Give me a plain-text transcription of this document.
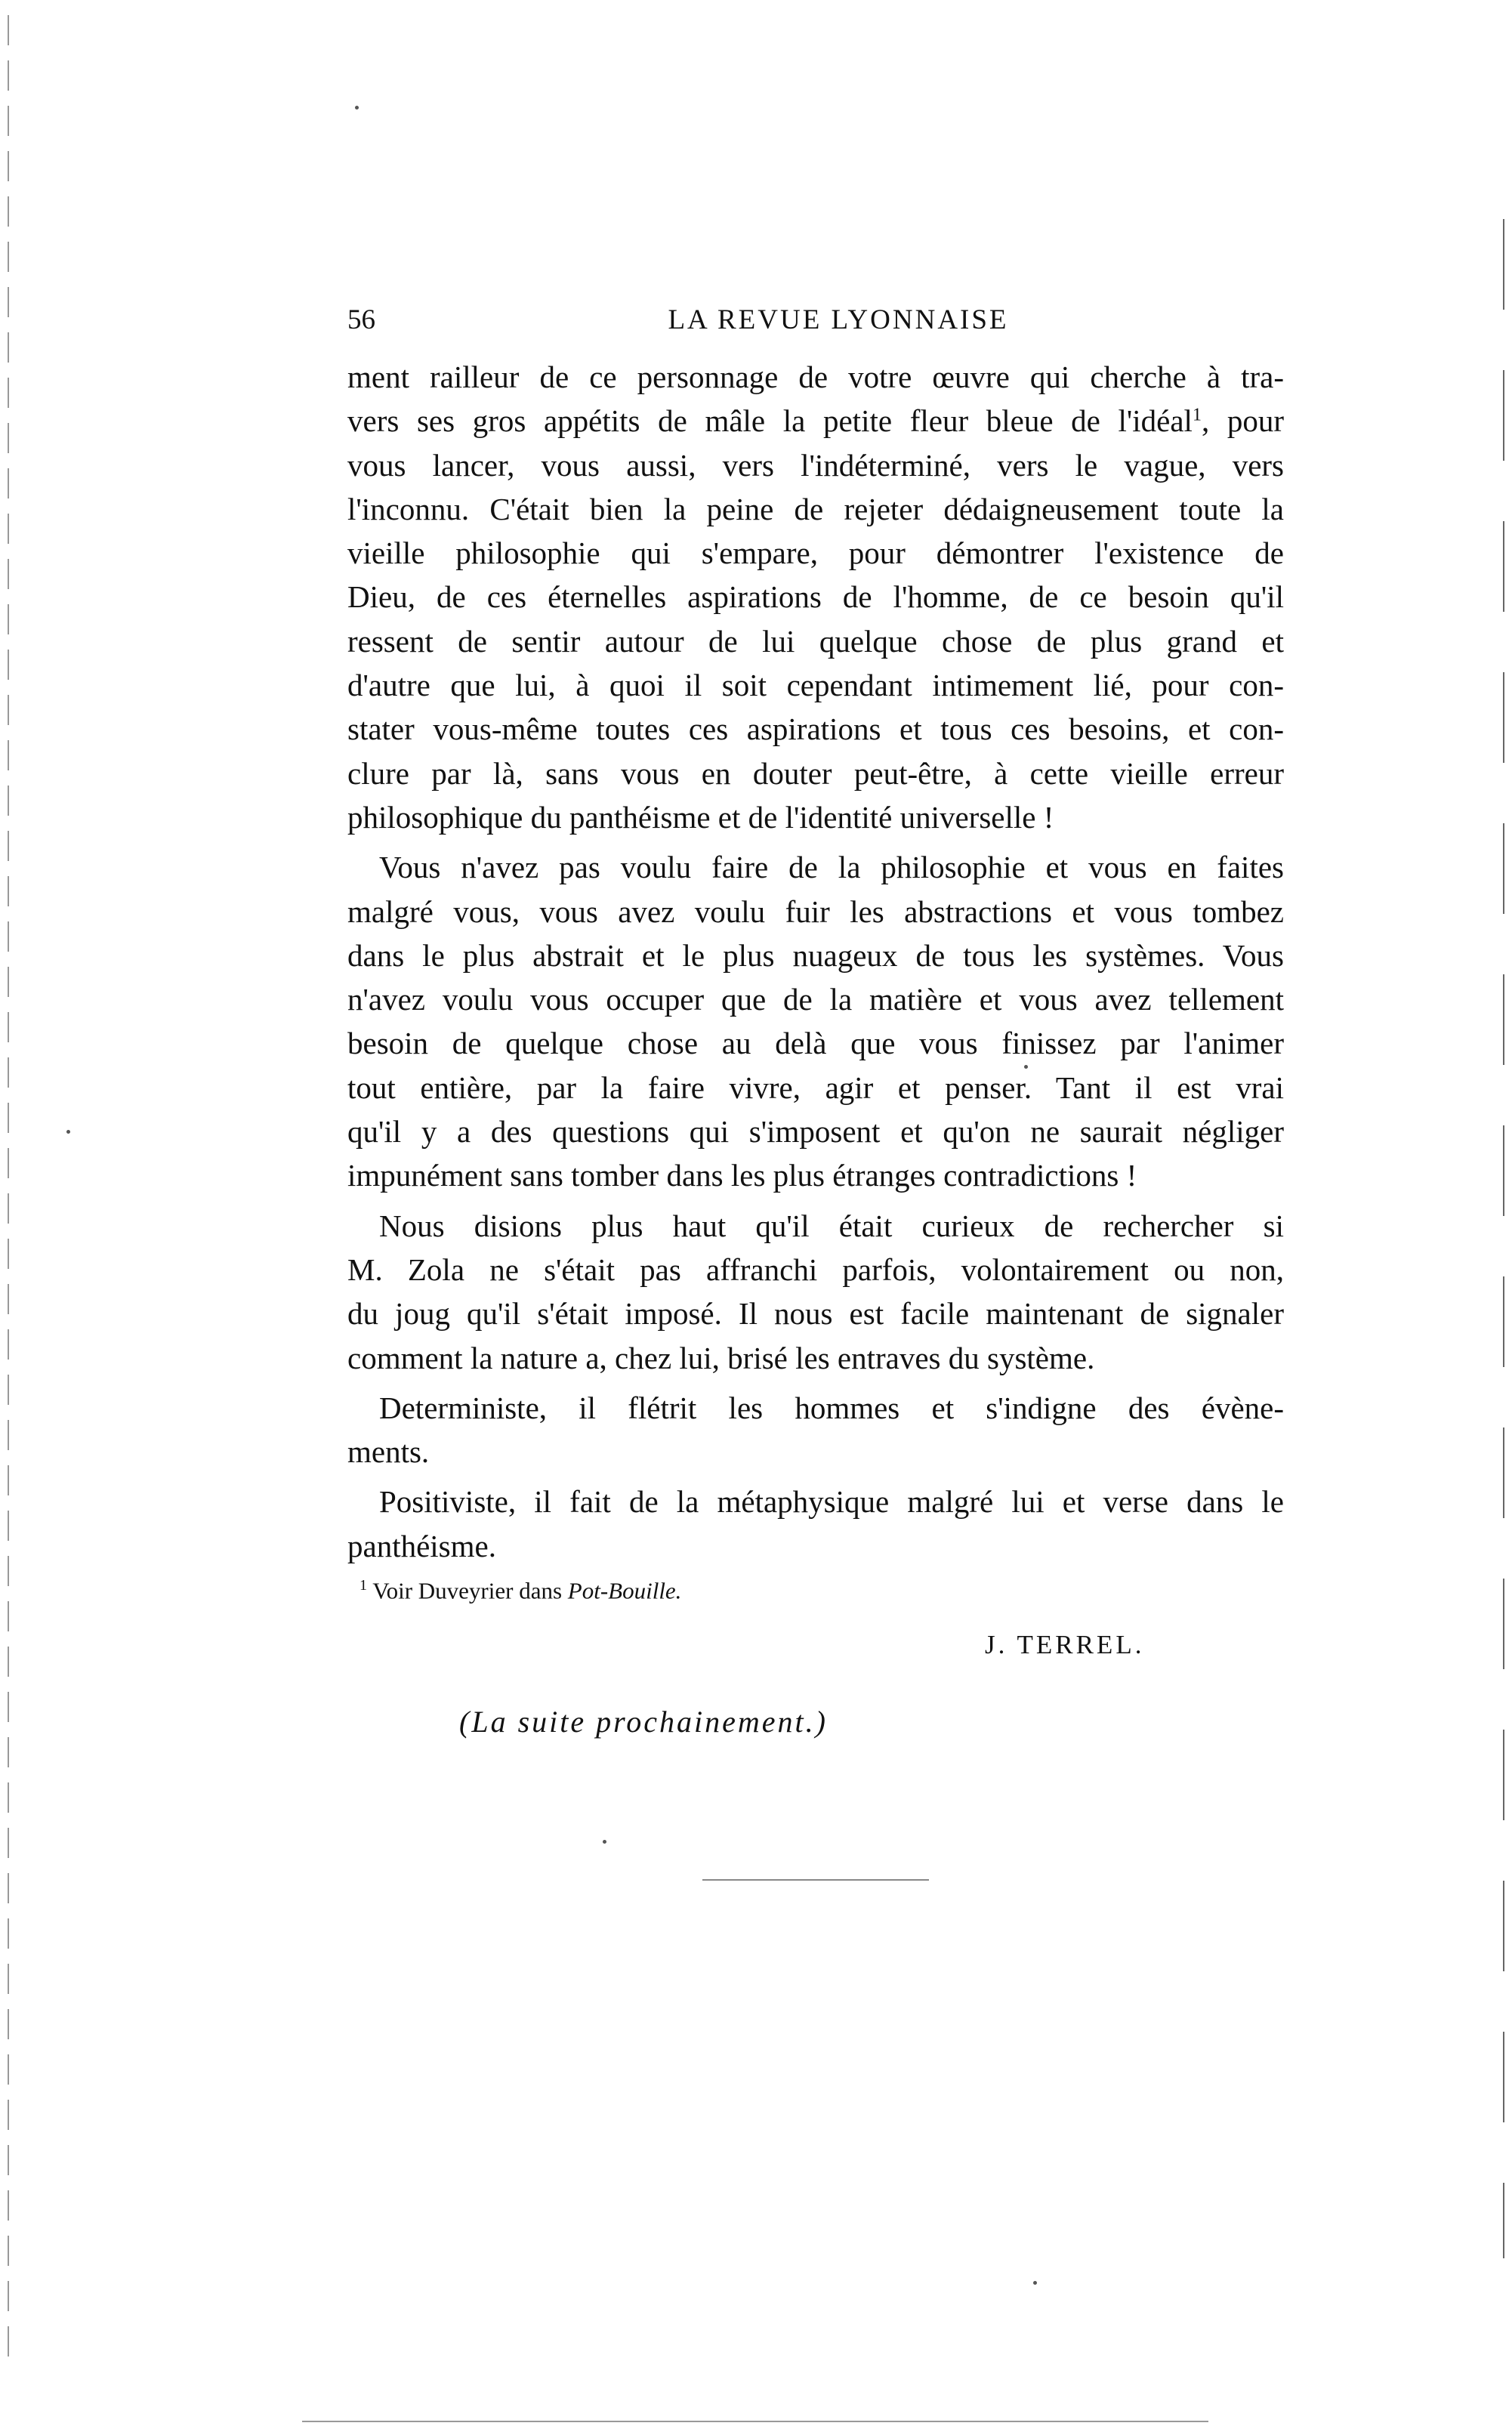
56	LA REVUE LYONNAISE

ment railleur de ce personnage de votre œuvre qui cherche à tra-

vers ses gros appétits de mâle la petite fleur bleue de l'idéal$^1$, pour

vous lancer, vous aussi, vers l'indéterminé, vers le vague, vers

l'inconnu. C'était bien la peine de rejeter dédaigneusement toute la

vieille philosophie qui s'empare, pour démontrer l'existence de

Dieu, de ces éternelles aspirations de l'homme, de ce besoin qu'il

ressent de sentir autour de lui quelque chose de plus grand et

d'autre que lui, à quoi il soit cependant intimement lié, pour con-

stater vous-même toutes ces aspirations et tous ces besoins, et con-

clure par là, sans vous en douter peut-être, à cette vieille erreur

philosophique du panthéisme et de l'identité universelle !

Vous n'avez pas voulu faire de la philosophie et vous en faites

malgré vous, vous avez voulu fuir les abstractions et vous tombez

dans le plus abstrait et le plus nuageux de tous les systèmes. Vous

n'avez voulu vous occuper que de la matière et vous avez tellement

besoin de quelque chose au delà que vous finissez par l'animer

tout entière, par la faire vivre, agir et penser. Tant il est vrai

qu'il y a des questions qui s'imposent et qu'on ne saurait négliger

impunément sans tomber dans les plus étranges contradictions !

Nous disions plus haut qu'il était curieux de rechercher si

M. Zola ne s'était pas affranchi parfois, volontairement ou non,

du joug qu'il s'était imposé. Il nous est facile maintenant de signaler

comment la nature a, chez lui, brisé les entraves du système.

Deterministe, il flétrit les hommes et s'indigne des évène-

ments.

Positiviste, il fait de la métaphysique malgré lui et verse dans le

panthéisme.

$^1$ Voir Duveyrier dans Pot-Bouille.
J. TERREL.
(La suite prochainement.)
